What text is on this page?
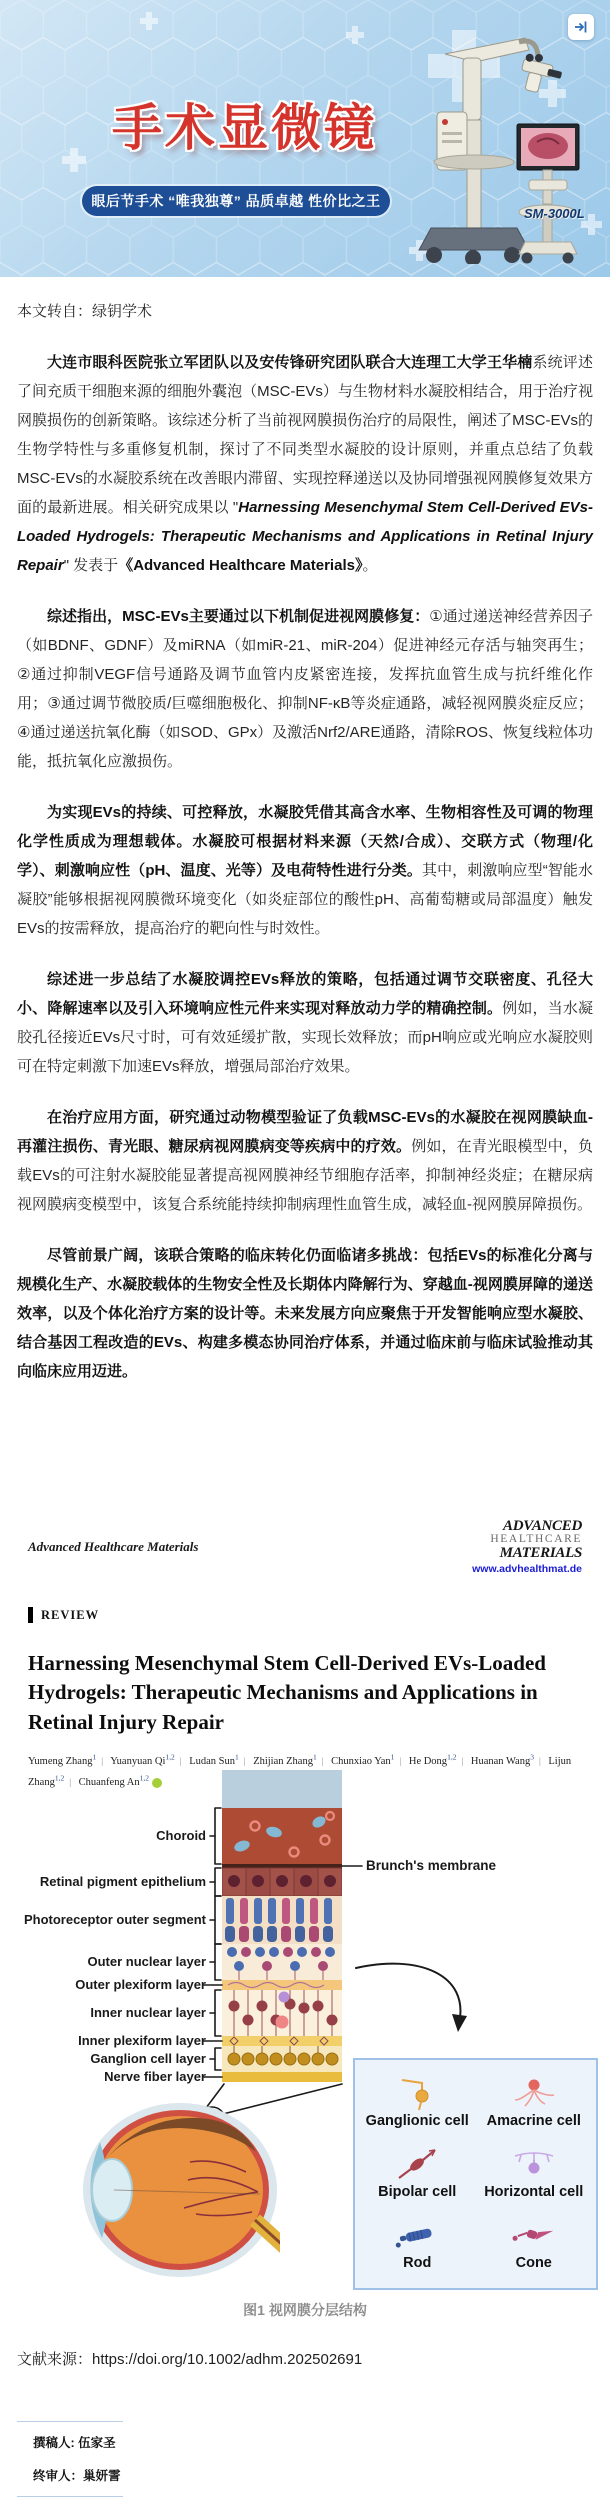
手术显微镜
眼后节手术 “唯我独尊” 品质卓越 性价比之王
SM-3000L

本文转自：绿钥学术

大连市眼科医院张立军团队以及安传锋研究团队联合大连理工大学王华楠系统评述了间充质干细胞来源的细胞外囊泡（MSC-EVs）与生物材料水凝胶相结合，用于治疗视网膜损伤的创新策略。该综述分析了当前视网膜损伤治疗的局限性，阐述了MSC-EVs的生物学特性与多重修复机制，探讨了不同类型水凝胶的设计原则，并重点总结了负载MSC-EVs的水凝胶系统在改善眼内滞留、实现控释递送以及协同增强视网膜修复效果方面的最新进展。相关研究成果以 "Harnessing Mesenchymal Stem Cell-Derived EVs-Loaded Hydrogels: Therapeutic Mechanisms and Applications in Retinal Injury Repair" 发表于《Advanced Healthcare Materials》。

综述指出，MSC-EVs主要通过以下机制促进视网膜修复：①通过递送神经营养因子（如BDNF、GDNF）及miRNA（如miR-21、miR-204）促进神经元存活与轴突再生；②通过抑制VEGF信号通路及调节血管内皮紧密连接，发挥抗血管生成与抗纤维化作用；③通过调节微胶质/巨噬细胞极化、抑制NF-κB等炎症通路，减轻视网膜炎症反应；④通过递送抗氧化酶（如SOD、GPx）及激活Nrf2/ARE通路，清除ROS、恢复线粒体功能，抵抗氧化应激损伤。

为实现EVs的持续、可控释放，水凝胶凭借其高含水率、生物相容性及可调的物理化学性质成为理想载体。水凝胶可根据材料来源（天然/合成）、交联方式（物理/化学）、刺激响应性（pH、温度、光等）及电荷特性进行分类。其中，刺激响应型“智能水凝胶”能够根据视网膜微环境变化（如炎症部位的酸性pH、高葡萄糖或局部温度）触发EVs的按需释放，提高治疗的靶向性与时效性。

综述进一步总结了水凝胶调控EVs释放的策略，包括通过调节交联密度、孔径大小、降解速率以及引入环境响应性元件来实现对释放动力学的精确控制。例如，当水凝胶孔径接近EVs尺寸时，可有效延缓扩散，实现长效释放；而pH响应或光响应水凝胶则可在特定刺激下加速EVs释放，增强局部治疗效果。

在治疗应用方面，研究通过动物模型验证了负载MSC-EVs的水凝胶在视网膜缺血-再灌注损伤、青光眼、糖尿病视网膜病变等疾病中的疗效。例如，在青光眼模型中，负载EVs的可注射水凝胶能显著提高视网膜神经节细胞存活率，抑制神经炎症；在糖尿病视网膜病变模型中，该复合系统能持续抑制病理性血管生成，减轻血-视网膜屏障损伤。

尽管前景广阔，该联合策略的临床转化仍面临诸多挑战：包括EVs的标准化分离与规模化生产、水凝胶载体的生物安全性及长期体内降解行为、穿越血-视网膜屏障的递送效率，以及个体化治疗方案的设计等。未来发展方向应聚焦于开发智能响应型水凝胶、结合基因工程改造的EVs、构建多模态协同治疗体系，并通过临床前与临床试验推动其向临床应用迈进。

Advanced Healthcare Materials
ADVANCED
HEALTHCARE
MATERIALS
www.advhealthmat.de
REVIEW
Harnessing Mesenchymal Stem Cell-Derived EVs-Loaded Hydrogels: Therapeutic Mechanisms and Applications in Retinal Injury Repair
Yumeng Zhang$^1$ | Yuanyuan Qi$^{1,2}$ | Ludan Sun$^1$ | Zhijian Zhang$^1$ | Chunxiao Yan$^1$ | He Dong$^{1,2}$ | Huanan Wang$^3$ | Lijun Zhang$^{1,2}$ | Chuanfeng An$^{1,2}$
Choroid
Retinal pigment epithelium
Photoreceptor outer segment
Outer nuclear layer
Outer plexiform layer
Inner nuclear layer
Inner plexiform layer
Ganglion cell layer
Nerve fiber layer
Brunch's membrane
Ganglionic cell Amacrine cell
Bipolar cell Horizontal cell
Rod	Cone
图1 视网膜分层结构
文献来源：https://doi.org/10.1002/adhm.202502691
撰稿人: 伍家圣
终审人：巢妍霅
